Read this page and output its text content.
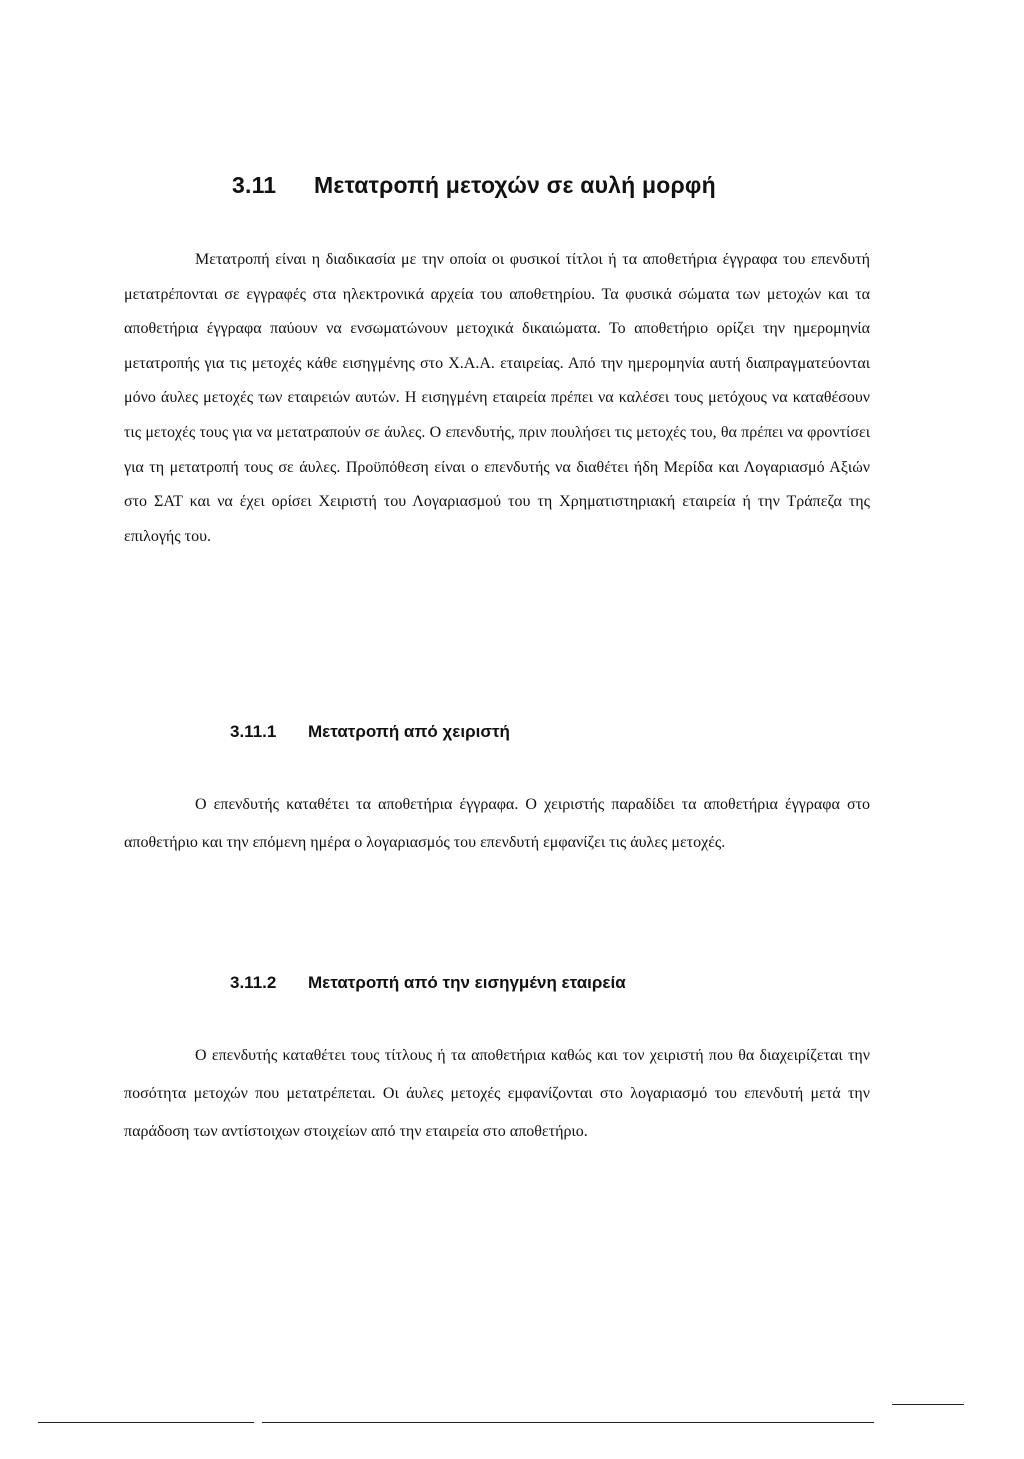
3.11 Μετατροπή μετοχών σε αυλή μορφή

Μετατροπή είναι η διαδικασία με την οποία οι φυσικοί τίτλοι ή τα αποθετήρια έγγραφα του επενδυτή μετατρέπονται σε εγγραφές στα ηλεκτρονικά αρχεία του αποθετηρίου. Τα φυσικά σώματα των μετοχών και τα αποθετήρια έγγραφα παύουν να ενσωματώνουν μετοχικά δικαιώματα. Το αποθετήριο ορίζει την ημερομηνία μετατροπής για τις μετοχές κάθε εισηγμένης στο Χ.Α.Α. εταιρείας. Από την ημερομηνία αυτή διαπραγματεύονται μόνο άυλες μετοχές των εταιρειών αυτών. Η εισηγμένη εταιρεία πρέπει να καλέσει τους μετόχους να καταθέσουν τις μετοχές τους για να μετατραπούν σε άυλες. Ο επενδυτής, πριν πουλήσει τις μετοχές του, θα πρέπει να φροντίσει για τη μετατροπή τους σε άυλες. Προϋπόθεση είναι ο επενδυτής να διαθέτει ήδη Μερίδα και Λογαριασμό Αξιών στο ΣΑΤ και να έχει ορίσει Χειριστή του Λογαριασμού του τη Χρηματιστηριακή εταιρεία ή την Τράπεζα της επιλογής του.

3.11.1 Μετατροπή από χειριστή

Ο επενδυτής καταθέτει τα αποθετήρια έγγραφα. Ο χειριστής παραδίδει τα αποθετήρια έγγραφα στο αποθετήριο και την επόμενη ημέρα ο λογαριασμός του επενδυτή εμφανίζει τις άυλες μετοχές.

3.11.2 Μετατροπή από την εισηγμένη εταιρεία

Ο επενδυτής καταθέτει τους τίτλους ή τα αποθετήρια καθώς και τον χειριστή που θα διαχειρίζεται την ποσότητα μετοχών που μετατρέπεται. Οι άυλες μετοχές εμφανίζονται στο λογαριασμό του επενδυτή μετά την παράδοση των αντίστοιχων στοιχείων από την εταιρεία στο αποθετήριο.
